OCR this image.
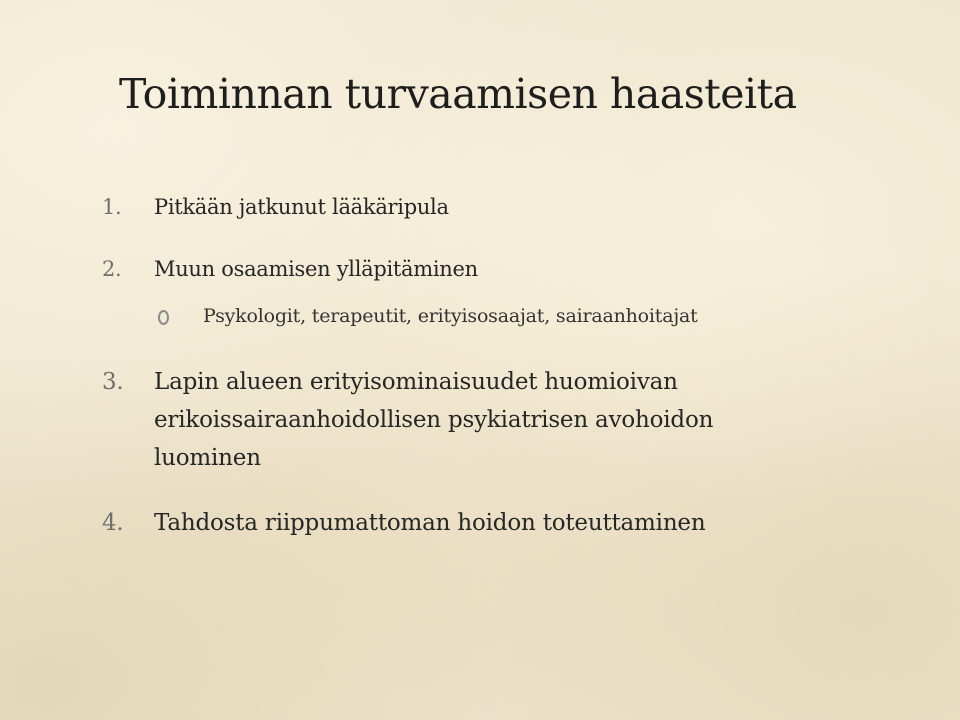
Toiminnan turvaamisen haasteita
1. Pitkään jatkunut lääkäripula
2. Muun osaamisen ylläpitäminen
Psykologit, terapeutit, erityisosaajat, sairaanhoitajat
3. Lapin alueen erityisominaisuudet huomioivan
erikoissairaanhoidollisen psykiatrisen avohoidon
luominen
4. Tahdosta riippumattoman hoidon toteuttaminen
